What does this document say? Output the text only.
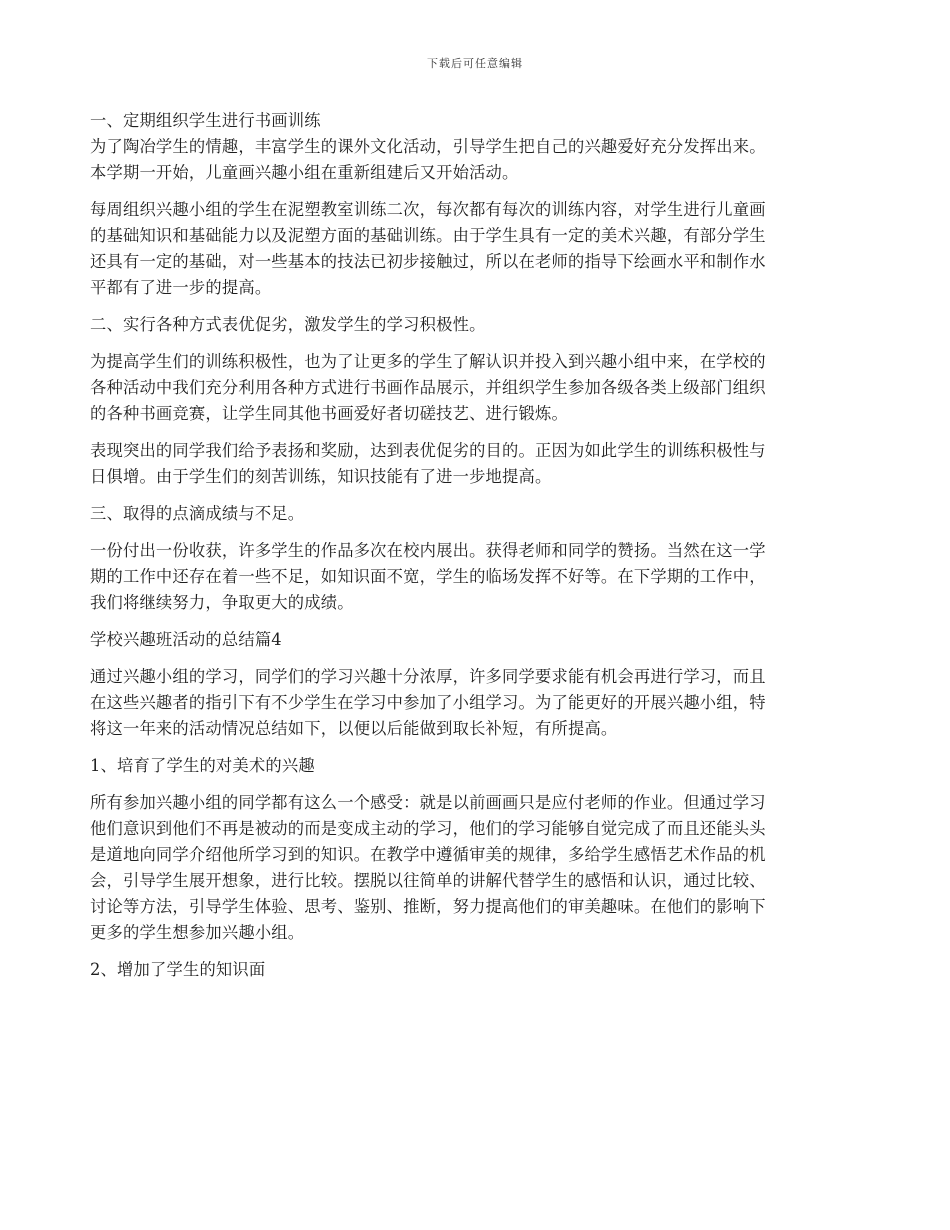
下载后可任意编辑

一、定期组织学生进行书画训练

为了陶冶学生的情趣，丰富学生的课外文化活动，引导学生把自己的兴趣爱好充分发挥出来。

本学期一开始，儿童画兴趣小组在重新组建后又开始活动。

每周组织兴趣小组的学生在泥塑教室训练二次，每次都有每次的训练内容，对学生进行儿童画

的基础知识和基础能力以及泥塑方面的基础训练。由于学生具有一定的美术兴趣，有部分学生

还具有一定的基础，对一些基本的技法已初步接触过，所以在老师的指导下绘画水平和制作水

平都有了进一步的提高。

二、实行各种方式表优促劣，激发学生的学习积极性。

为提高学生们的训练积极性，也为了让更多的学生了解认识并投入到兴趣小组中来，在学校的

各种活动中我们充分利用各种方式进行书画作品展示，并组织学生参加各级各类上级部门组织

的各种书画竞赛，让学生同其他书画爱好者切磋技艺、进行锻炼。

表现突出的同学我们给予表扬和奖励，达到表优促劣的目的。正因为如此学生的训练积极性与

日俱增。由于学生们的刻苦训练，知识技能有了进一步地提高。

三、取得的点滴成绩与不足。

一份付出一份收获，许多学生的作品多次在校内展出。获得老师和同学的赞扬。当然在这一学

期的工作中还存在着一些不足，如知识面不宽，学生的临场发挥不好等。在下学期的工作中，

我们将继续努力，争取更大的成绩。

学校兴趣班活动的总结篇4

通过兴趣小组的学习，同学们的学习兴趣十分浓厚，许多同学要求能有机会再进行学习，而且

在这些兴趣者的指引下有不少学生在学习中参加了小组学习。为了能更好的开展兴趣小组，特

将这一年来的活动情况总结如下，以便以后能做到取长补短，有所提高。

1、培育了学生的对美术的兴趣

所有参加兴趣小组的同学都有这么一个感受：就是以前画画只是应付老师的作业。但通过学习

他们意识到他们不再是被动的而是变成主动的学习，他们的学习能够自觉完成了而且还能头头

是道地向同学介绍他所学习到的知识。在教学中遵循审美的规律，多给学生感悟艺术作品的机

会，引导学生展开想象，进行比较。摆脱以往简单的讲解代替学生的感悟和认识，通过比较、

讨论等方法，引导学生体验、思考、鉴别、推断，努力提高他们的审美趣味。在他们的影响下

更多的学生想参加兴趣小组。

2、增加了学生的知识面
